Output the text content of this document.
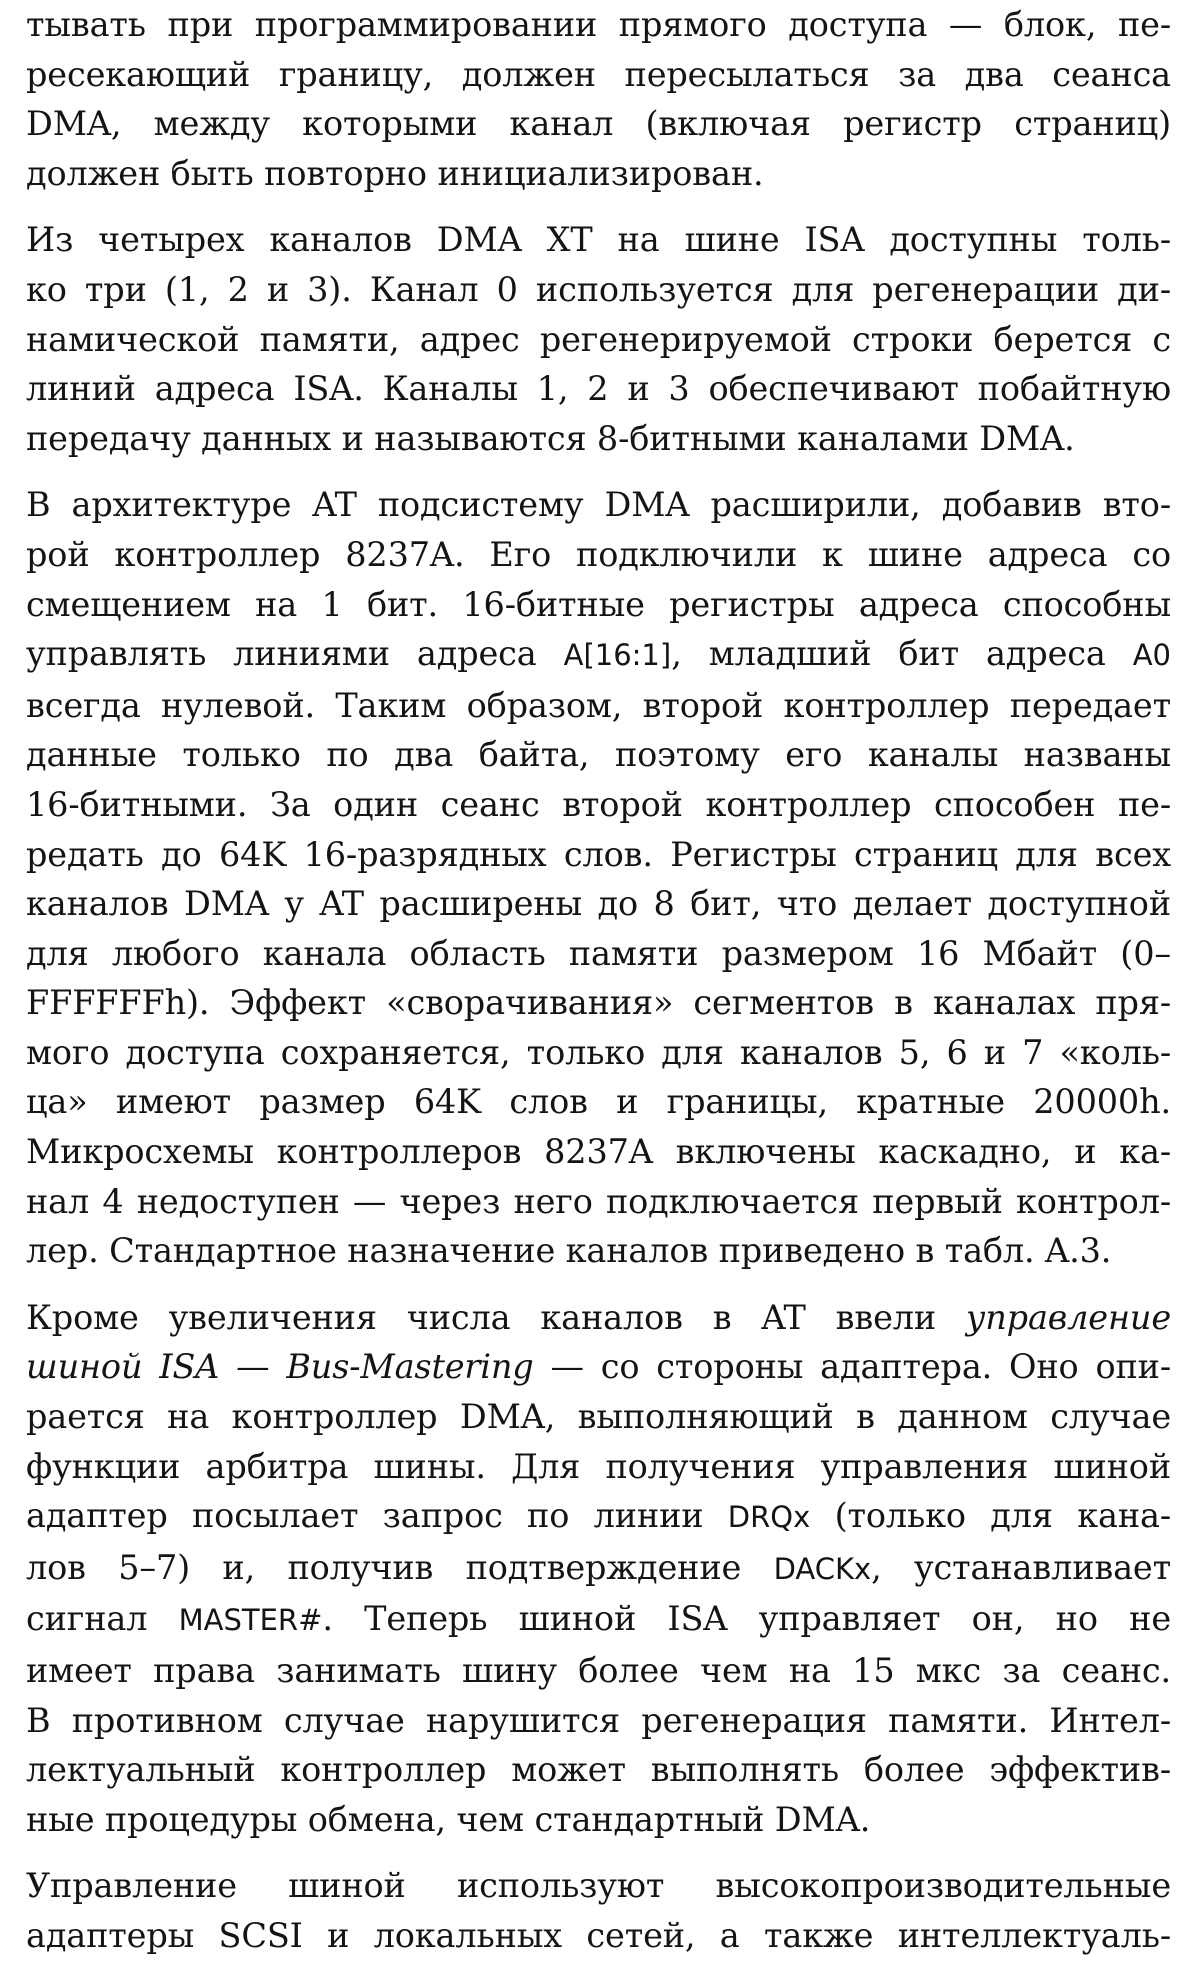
тывать при программировании прямого доступа — блок, пе-
ресекающий границу, должен пересылаться за два сеанса
DMA, между которыми канал (включая регистр страниц)
должен быть повторно инициализирован.
Из четырех каналов DMA XT на шине ISA доступны толь-
ко три (1, 2 и 3). Канал 0 используется для регенерации ди-
намической памяти, адрес регенерируемой строки берется с
линий адреса ISA. Каналы 1, 2 и 3 обеспечивают побайтную
передачу данных и называются 8-битными каналами DMA.
В архитектуре AT подсистему DMA расширили, добавив вто-
рой контроллер 8237A. Его подключили к шине адреса со
смещением на 1 бит. 16-битные регистры адреса способны
управлять линиями адреса A[16:1], младший бит адреса A0
всегда нулевой. Таким образом, второй контроллер передает
данные только по два байта, поэтому его каналы названы
16-битными. За один сеанс второй контроллер способен пе-
редать до 64K 16-разрядных слов. Регистры страниц для всех
каналов DMA у AT расширены до 8 бит, что делает доступной
для любого канала область памяти размером 16 Мбайт (0–
FFFFFFh). Эффект «сворачивания» сегментов в каналах пря-
мого доступа сохраняется, только для каналов 5, 6 и 7 «коль-
ца» имеют размер 64K слов и границы, кратные 20000h.
Микросхемы контроллеров 8237A включены каскадно, и ка-
нал 4 недоступен — через него подключается первый контрол-
лер. Стандартное назначение каналов приведено в табл. A.3.
Кроме увеличения числа каналов в AT ввели управление
шиной ISA — Bus-Mastering — со стороны адаптера. Оно опи-
рается на контроллер DMA, выполняющий в данном случае
функции арбитра шины. Для получения управления шиной
адаптер посылает запрос по линии DRQx (только для кана-
лов 5–7) и, получив подтверждение DACKx, устанавливает
сигнал MASTER#. Теперь шиной ISA управляет он, но не
имеет права занимать шину более чем на 15 мкс за сеанс.
В противном случае нарушится регенерация памяти. Интел-
лектуальный контроллер может выполнять более эффектив-
ные процедуры обмена, чем стандартный DMA.
Управление шиной используют высокопроизводительные
адаптеры SCSI и локальных сетей, а также интеллектуаль-
